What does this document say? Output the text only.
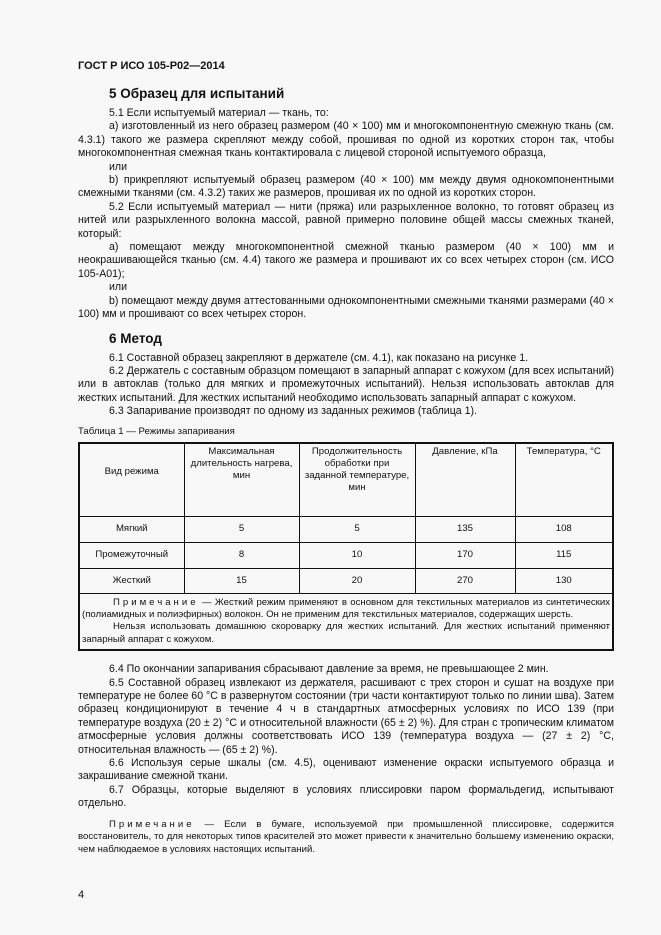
ГОСТ Р ИСО 105-Р02—2014
5 Образец для испытаний

5.1 Если испытуемый материал — ткань, то:

a) изготовленный из него образец размером (40 × 100) мм и многокомпонентную смежную ткань (см. 4.3.1) такого же размера скрепляют между собой, прошивая по одной из коротких сторон так, чтобы многокомпонентная смежная ткань контактировала с лицевой стороной испытуемого образца,

или

b) прикрепляют испытуемый образец размером (40 × 100) мм между двумя однокомпонентными смежными тканями (см. 4.3.2) таких же размеров, прошивая их по одной из коротких сторон.

5.2 Если испытуемый материал — нити (пряжа) или разрыхленное волокно, то готовят образец из нитей или разрыхленного волокна массой, равной примерно половине общей массы смежных тканей, который:

a) помещают между многокомпонентной смежной тканью размером (40 × 100) мм и неокрашивающейся тканью (см. 4.4) такого же размера и прошивают их со всех четырех сторон (см. ИСО 105-А01);

или

b) помещают между двумя аттестованными однокомпонентными смежными тканями размерами (40 × 100) мм и прошивают со всех четырех сторон.

6 Метод

6.1 Составной образец закрепляют в держателе (см. 4.1), как показано на рисунке 1.

6.2 Держатель с составным образцом помещают в запарный аппарат с кожухом (для всех испытаний) или в автоклав (только для мягких и промежуточных испытаний). Нельзя использовать автоклав для жестких испытаний. Для жестких испытаний необходимо использовать запарный аппарат с кожухом.

6.3 Запаривание производят по одному из заданных режимов (таблица 1).

Таблица 1 — Режимы запаривания
Вид режима	Максимальная длительность нагрева, мин	Продолжительность обработки при заданной температуре, мин	Давление, кПа	Температура, °С
Мягкий	5	5	135	108
Промежуточный	8	10	170	115
Жесткий	15	20	270	130

Примечание — Жесткий режим применяют в основном для текстильных материалов из синтетических (полиамидных и полиэфирных) волокон. Он не применим для текстильных материалов, содержащих шерсть.

Нельзя использовать домашнюю скороварку для жестких испытаний. Для жестких испытаний применяют запарный аппарат с кожухом.				

6.4 По окончании запаривания сбрасывают давление за время, не превышающее 2 мин.

6.5 Составной образец извлекают из держателя, расшивают с трех сторон и сушат на воздухе при температуре не более 60 °С в развернутом состоянии (три части контактируют только по линии шва). Затем образец кондиционируют в течение 4 ч в стандартных атмосферных условиях по ИСО 139 (при температуре воздуха (20 ± 2) °С и относительной влажности (65 ± 2) %). Для стран с тропическим климатом атмосферные условия должны соответствовать ИСО 139 (температура воздуха — (27 ± 2) °С, относительная влажность — (65 ± 2) %).

6.6 Используя серые шкалы (см. 4.5), оценивают изменение окраски испытуемого образца и закрашивание смежной ткани.

6.7 Образцы, которые выделяют в условиях плиссировки паром формальдегид, испытывают отдельно.

Примечание — Если в бумаге, используемой при промышленной плиссировке, содержится восстановитель, то для некоторых типов красителей это может привести к значительно большему изменению окраски, чем наблюдаемое в условиях настоящих испытаний.

4
